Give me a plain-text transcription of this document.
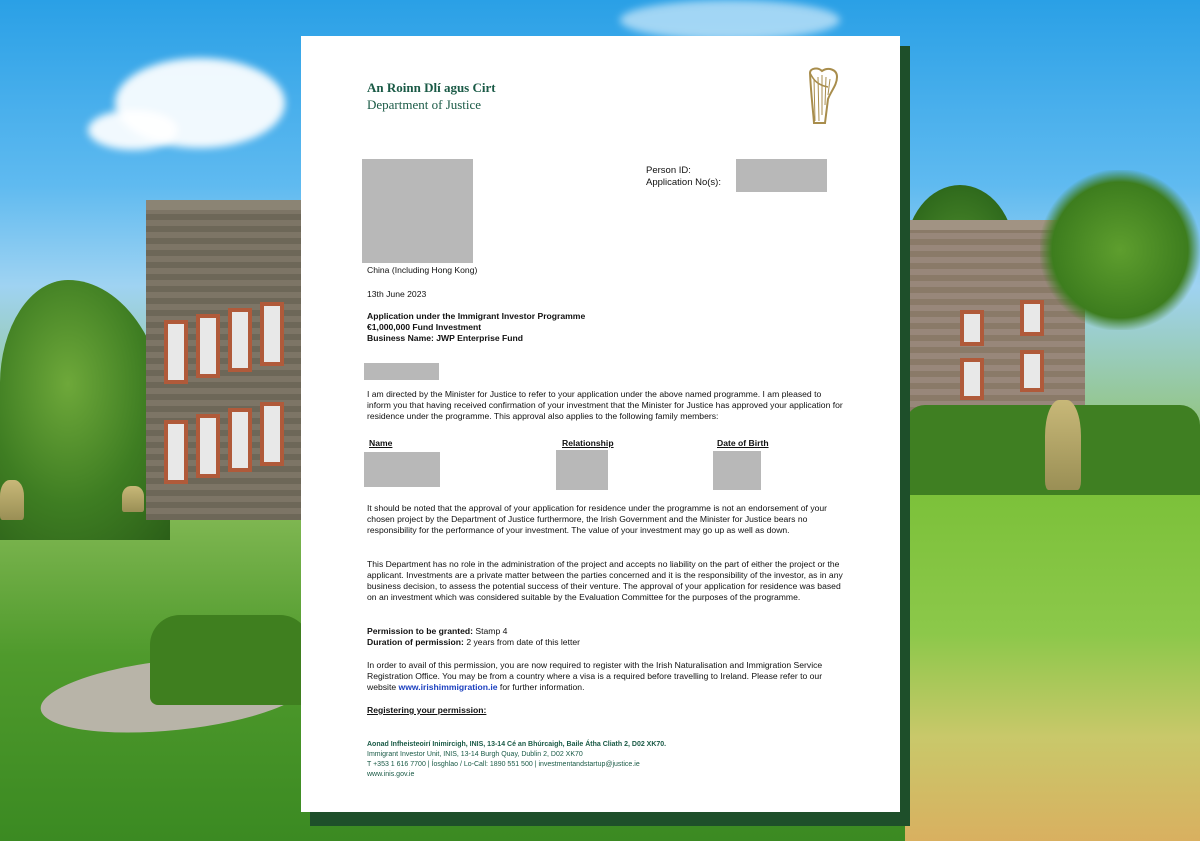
An Roinn Dlí agus Cirt
Department of Justice
Person ID:
Application No(s):
China (Including Hong Kong)
13th June 2023
Application under the Immigrant Investor Programme
€1,000,000 Fund Investment
Business Name: JWP Enterprise Fund
I am directed by the Minister for Justice to refer to your application under the above named programme. I am pleased to inform you that having received confirmation of your investment that the Minister for Justice has approved your application for residence under the programme. This approval also applies to the following family members:
Name	Relationship	Date of Birth
It should be noted that the approval of your application for residence under the programme is not an endorsement of your chosen project by the Department of Justice furthermore, the Irish Government and the Minister for Justice bears no responsibility for the performance of your investment. The value of your investment may go up as well as down.
This Department has no role in the administration of the project and accepts no liability on the part of either the project or the applicant. Investments are a private matter between the parties concerned and it is the responsibility of the investor, as in any business decision, to assess the potential success of their venture. The approval of your application for residence was based on an investment which was considered suitable by the Evaluation Committee for the purposes of the programme.
Permission to be granted: Stamp 4
Duration of permission: 2 years from date of this letter
In order to avail of this permission, you are now required to register with the Irish Naturalisation and Immigration Service Registration Office. You may be from a country where a visa is a required before travelling to Ireland. Please refer to our website www.irishimmigration.ie for further information.
Registering your permission:
Aonad Infheisteoirí Inimircigh, INIS, 13-14 Cé an Bhúrcaigh, Baile Átha Cliath 2, D02 XK70.
Immigrant Investor Unit, INIS, 13-14 Burgh Quay, Dublin 2, D02 XK70
T +353 1 616 7700 | Íosghlao / Lo-Call: 1890 551 500 | investmentandstartup@justice.ie
www.inis.gov.ie
